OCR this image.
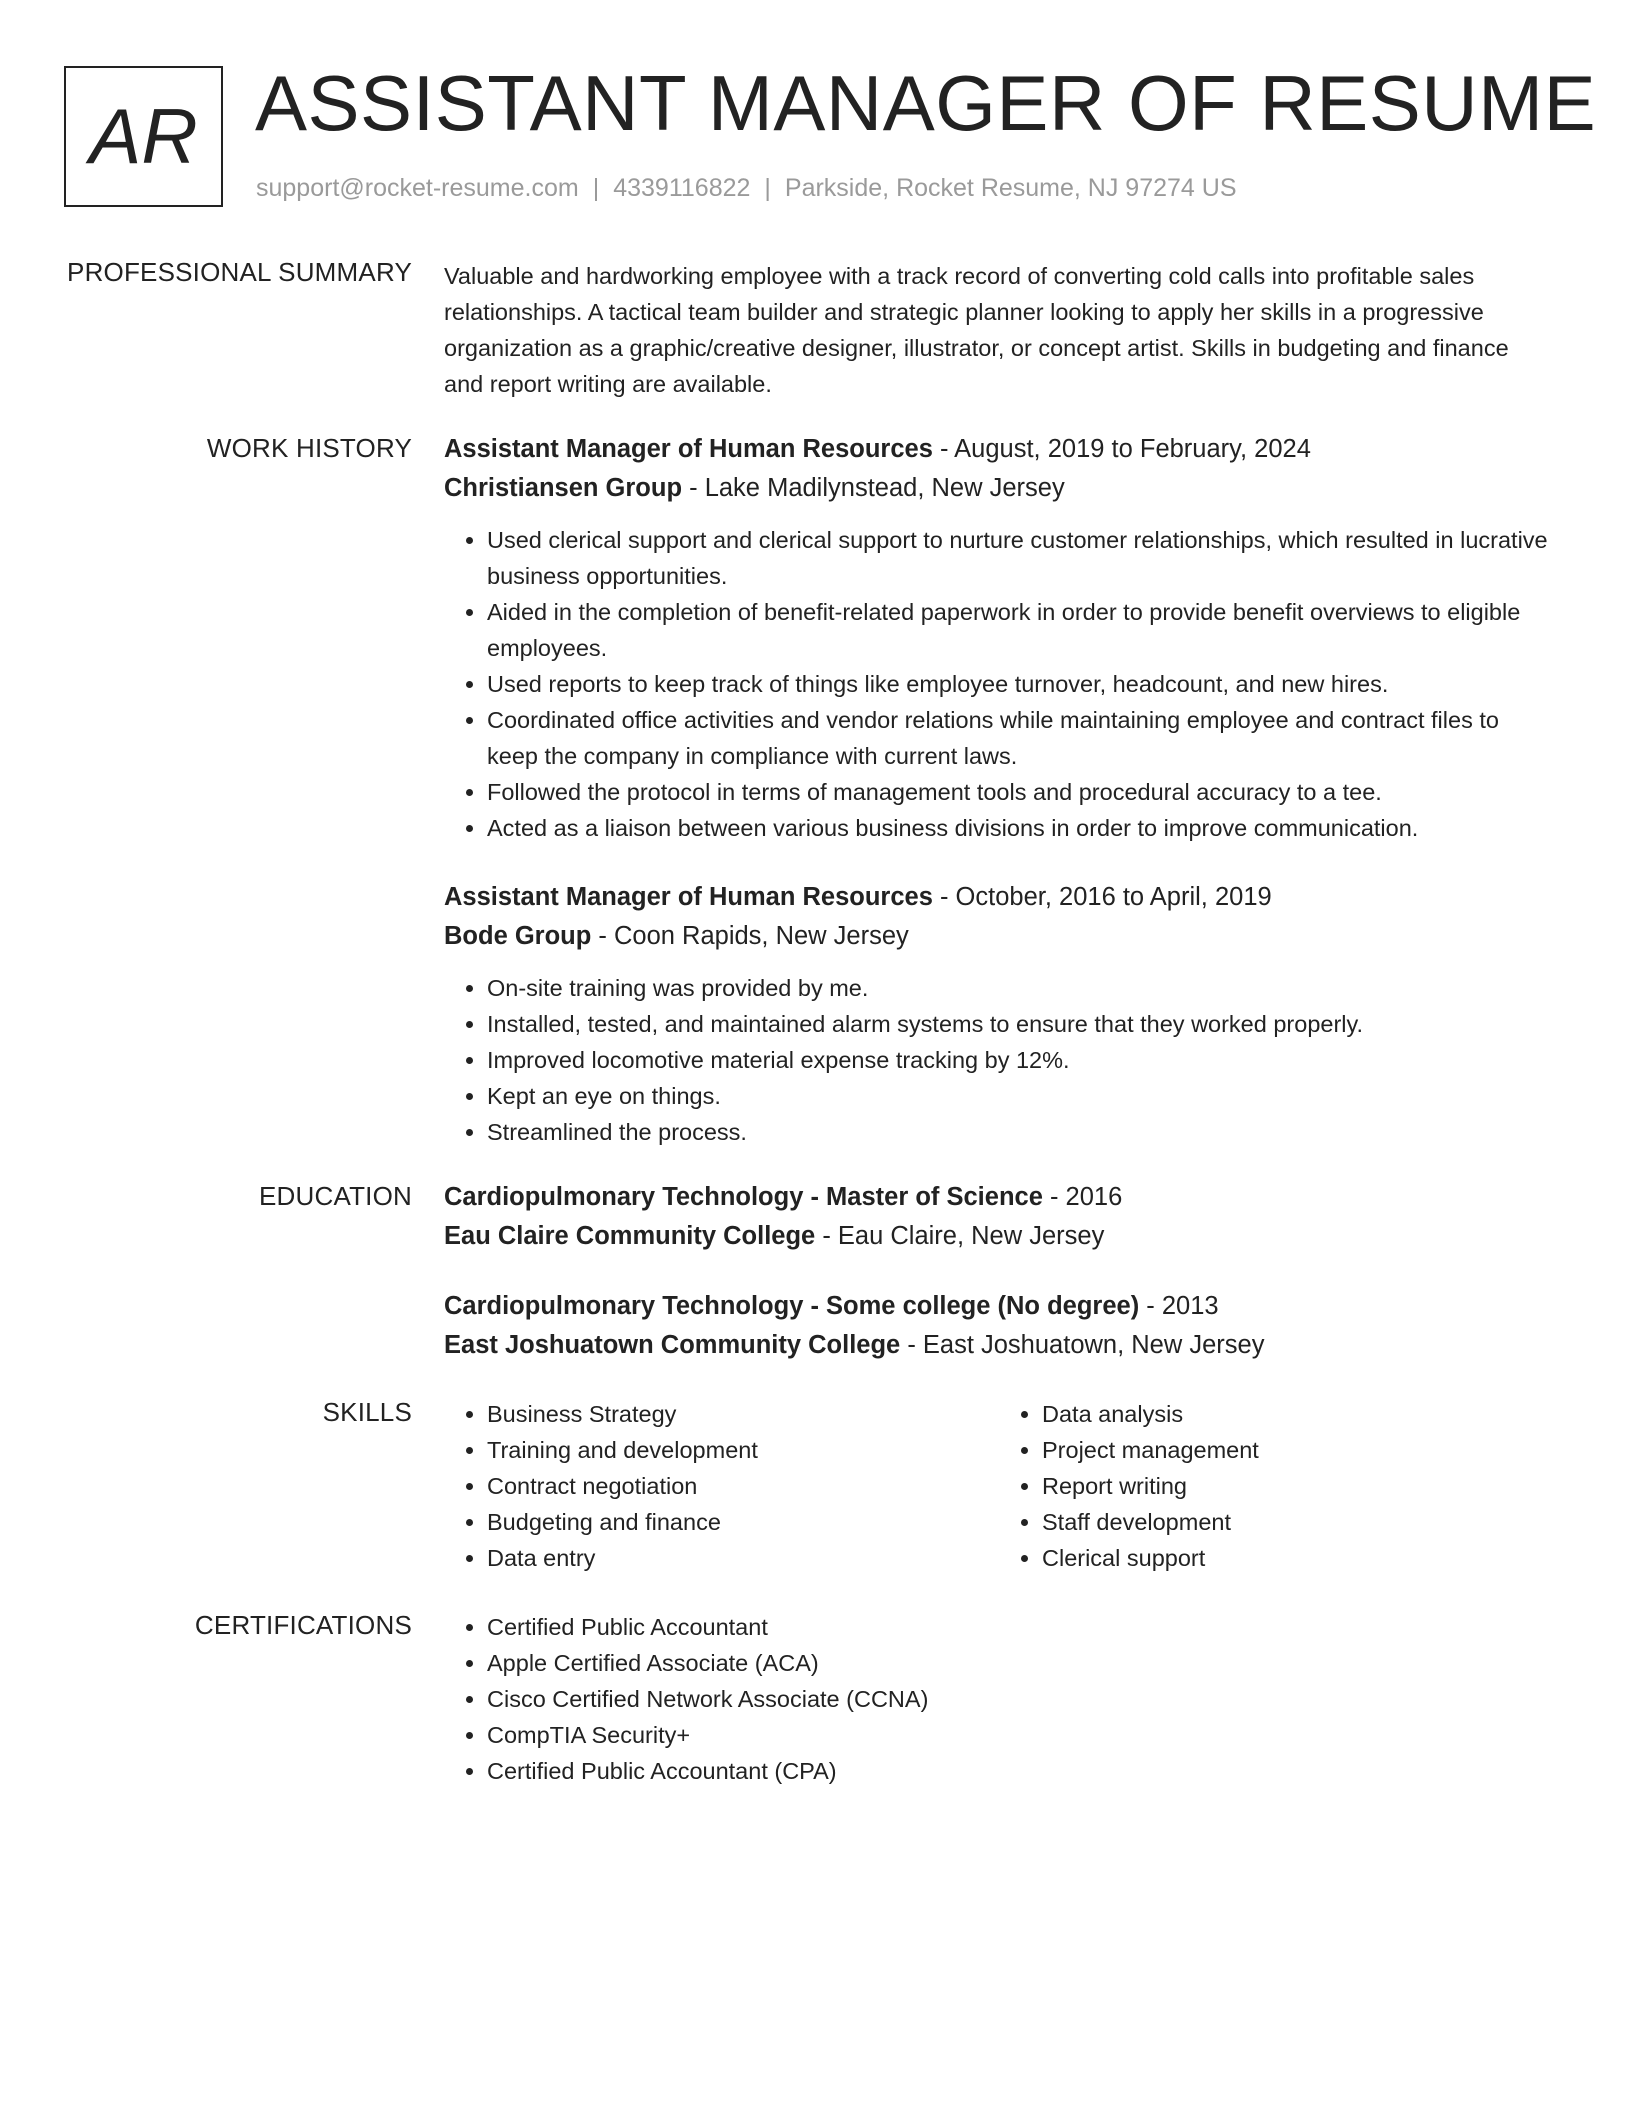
AR ASSISTANT MANAGER OF RESUME
support@rocket-resume.com | 4339116822 | Parkside, Rocket Resume, NJ 97274 US
PROFESSIONAL SUMMARY Valuable and hardworking employee with a track record of converting cold calls into profitable sales relationships. A tactical team builder and strategic planner looking to apply her skills in a progressive organization as a graphic/creative designer, illustrator, or concept artist. Skills in budgeting and finance and report writing are available.

WORK HISTORY Assistant Manager of Human Resources - August, 2019 to February, 2024
Christiansen Group - Lake Madilynstead, New Jersey
• Used clerical support and clerical support to nurture customer relationships, which resulted in lucrative business opportunities.
• Aided in the completion of benefit-related paperwork in order to provide benefit overviews to eligible employees.
• Used reports to keep track of things like employee turnover, headcount, and new hires.
• Coordinated office activities and vendor relations while maintaining employee and contract files to keep the company in compliance with current laws.
• Followed the protocol in terms of management tools and procedural accuracy to a tee.
• Acted as a liaison between various business divisions in order to improve communication.
Assistant Manager of Human Resources - October, 2016 to April, 2019
Bode Group - Coon Rapids, New Jersey
• On-site training was provided by me.
• Installed, tested, and maintained alarm systems to ensure that they worked properly.
• Improved locomotive material expense tracking by 12%.
• Kept an eye on things.
• Streamlined the process.
EDUCATION Cardiopulmonary Technology - Master of Science - 2016
Eau Claire Community College - Eau Claire, New Jersey
Cardiopulmonary Technology - Some college (No degree) - 2013
East Joshuatown Community College - East Joshuatown, New Jersey
SKILLS	• Business Strategy
• Training and development
• Contract negotiation
• Budgeting and finance
• Data entry
• Data analysis
• Project management
• Report writing
• Staff development
• Clerical support
CERTIFICATIONS	• Certified Public Accountant
• Apple Certified Associate (ACA)
• Cisco Certified Network Associate (CCNA)
• CompTIA Security+
• Certified Public Accountant (CPA)
